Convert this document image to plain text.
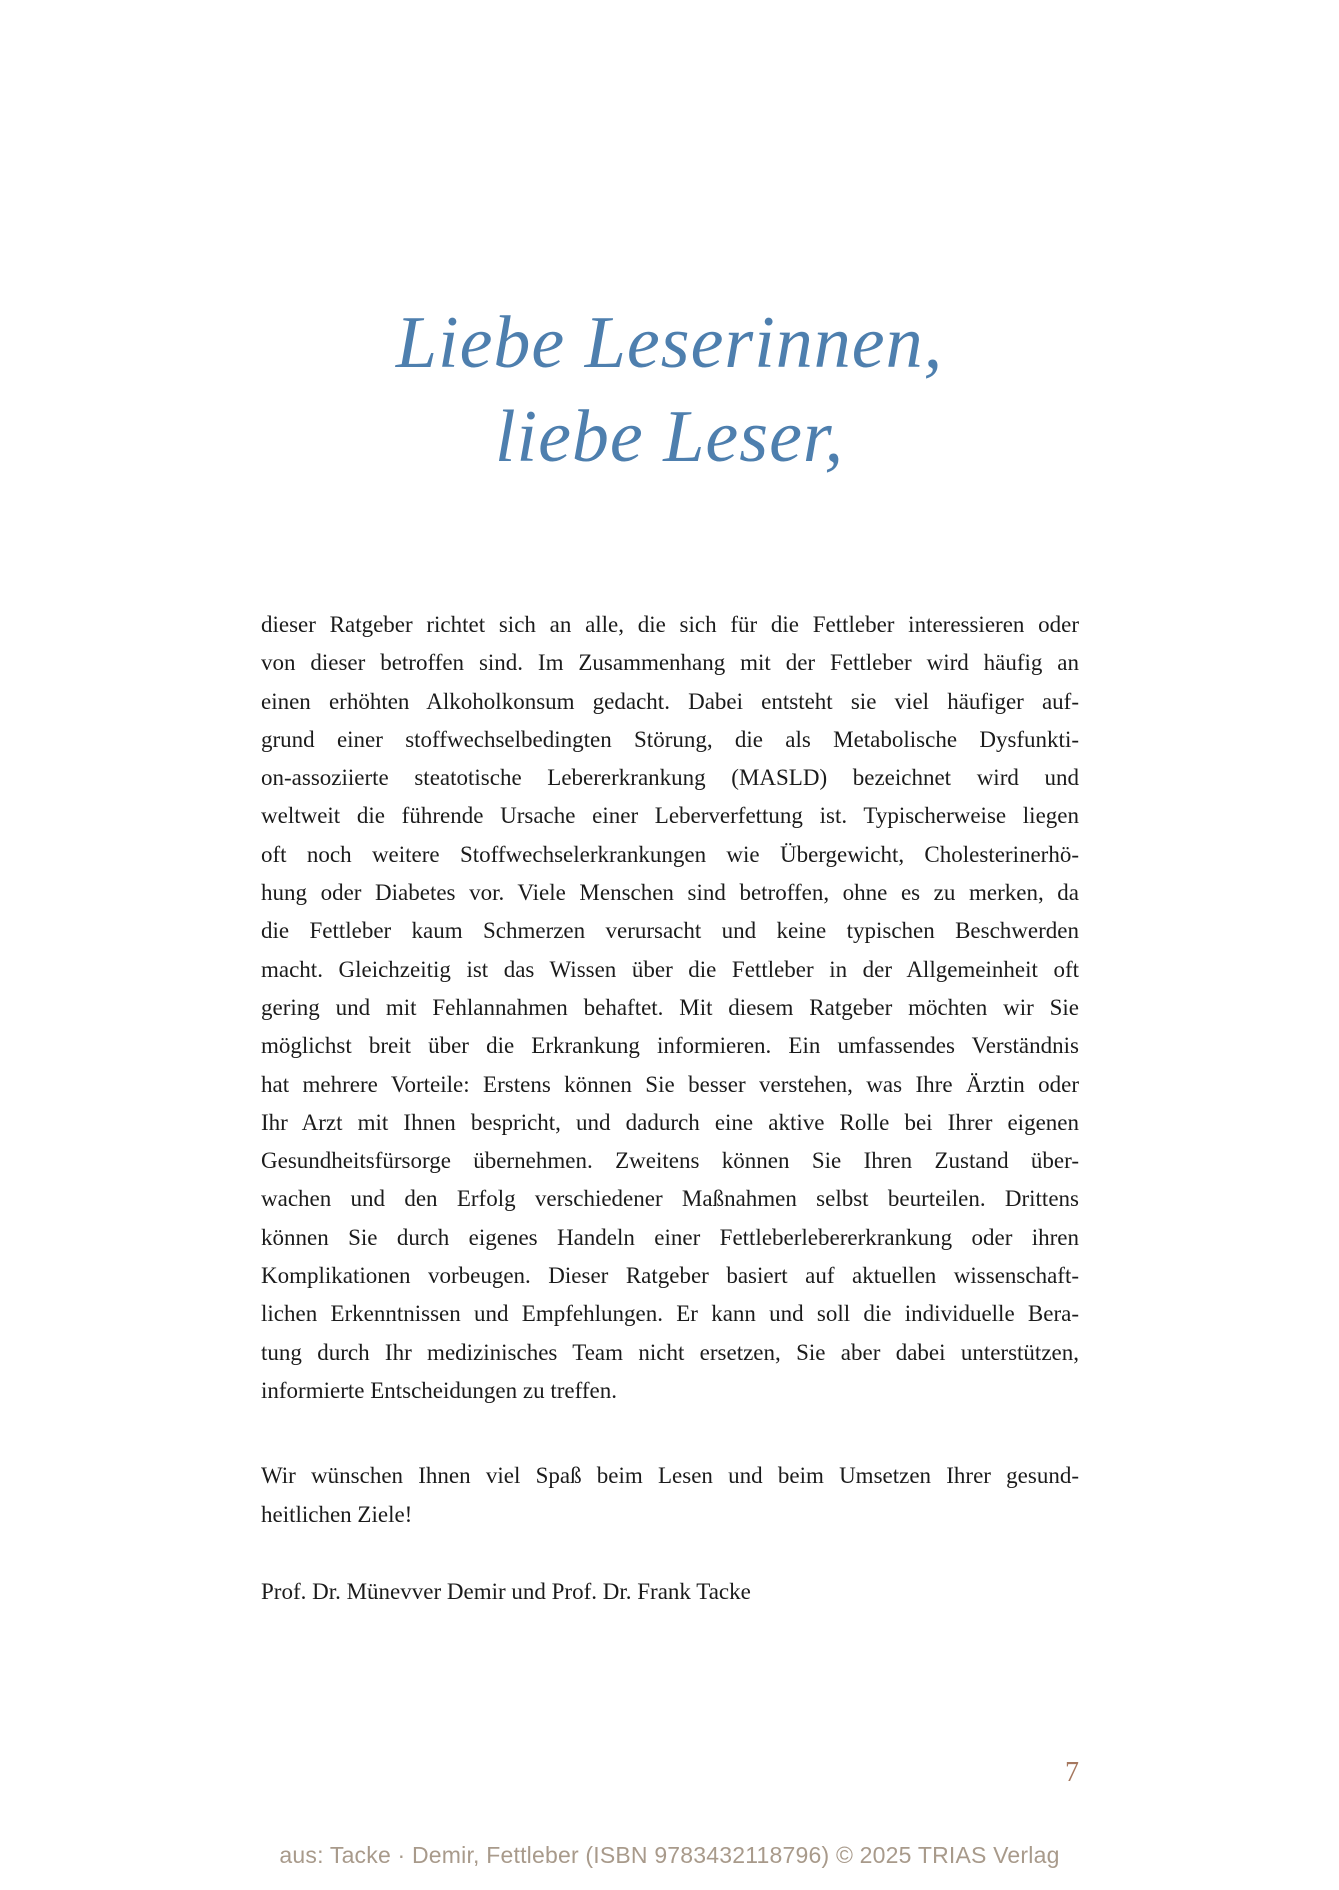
Liebe Leserinnen,
liebe Leser,
dieser Ratgeber richtet sich an alle, die sich für die Fettleber interessieren oder
von dieser betroffen sind. Im Zusammenhang mit der Fettleber wird häufig an
einen erhöhten Alkoholkonsum gedacht. Dabei entsteht sie viel häufiger auf-
grund einer stoffwechselbedingten Störung, die als Metabolische Dysfunkti-
on-assoziierte steatotische Lebererkrankung (MASLD) bezeichnet wird und
weltweit die führende Ursache einer Leberverfettung ist. Typischerweise liegen
oft noch weitere Stoffwechselerkrankungen wie Übergewicht, Cholesterinerhö-
hung oder Diabetes vor. Viele Menschen sind betroffen, ohne es zu merken, da
die Fettleber kaum Schmerzen verursacht und keine typischen Beschwerden
macht. Gleichzeitig ist das Wissen über die Fettleber in der Allgemeinheit oft
gering und mit Fehlannahmen behaftet. Mit diesem Ratgeber möchten wir Sie
möglichst breit über die Erkrankung informieren. Ein umfassendes Verständnis
hat mehrere Vorteile: Erstens können Sie besser verstehen, was Ihre Ärztin oder
Ihr Arzt mit Ihnen bespricht, und dadurch eine aktive Rolle bei Ihrer eigenen
Gesundheitsfürsorge übernehmen. Zweitens können Sie Ihren Zustand über-
wachen und den Erfolg verschiedener Maßnahmen selbst beurteilen. Drittens
können Sie durch eigenes Handeln einer Fettleberlebererkrankung oder ihren
Komplikationen vorbeugen. Dieser Ratgeber basiert auf aktuellen wissenschaft-
lichen Erkenntnissen und Empfehlungen. Er kann und soll die individuelle Bera-
tung durch Ihr medizinisches Team nicht ersetzen, Sie aber dabei unterstützen,
informierte Entscheidungen zu treffen.
Wir wünschen Ihnen viel Spaß beim Lesen und beim Umsetzen Ihrer gesund-
heitlichen Ziele!
Prof. Dr. Münevver Demir und Prof. Dr. Frank Tacke
7
aus: Tacke · Demir, Fettleber (ISBN 9783432118796) © 2025 TRIAS Verlag
